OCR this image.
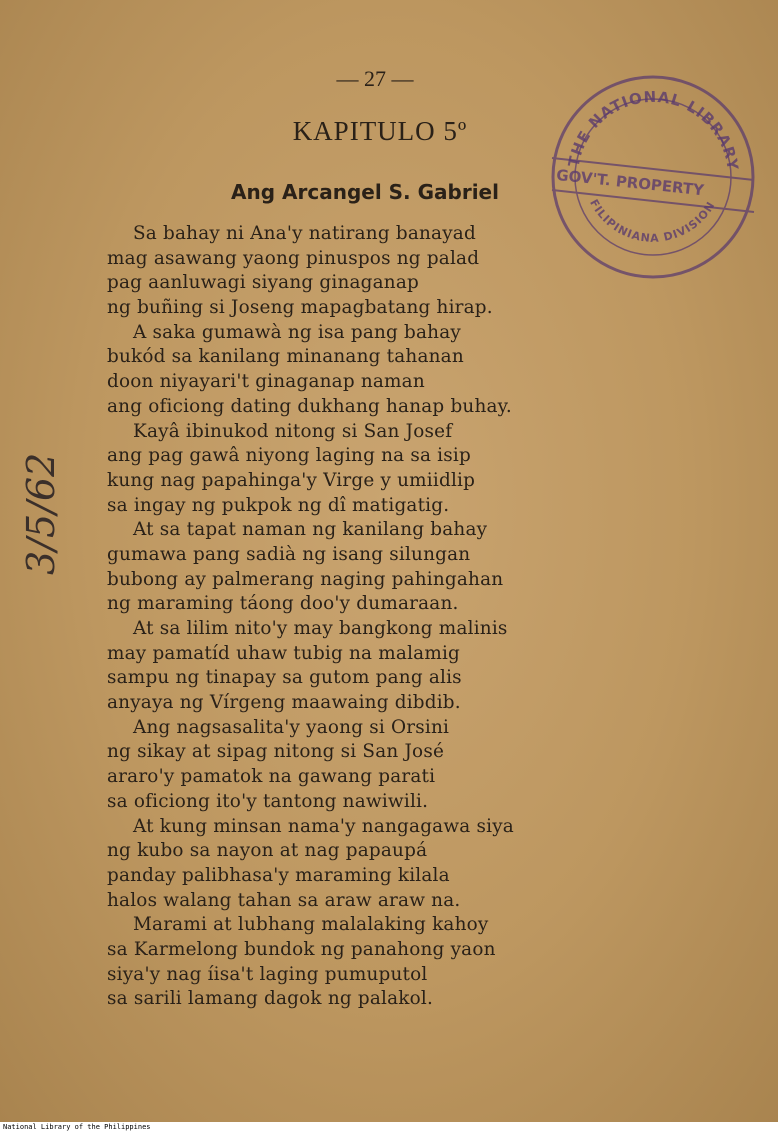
— 27 —
KAPITULO 5º
Ang Arcangel S. Gabriel
Sa bahay ni Ana'y natirang banayad
mag asawang yaong pinuspos ng palad
pag aanluwagi siyang ginaganap
ng buñing si Joseng mapagbatang hirap.
A saka gumawà ng isa pang bahay
bukód sa kanilang minanang tahanan
doon niyayari't ginaganap naman
ang oficiong dating dukhang hanap buhay.
Kayâ ibinukod nitong si San Josef
ang pag gawâ niyong laging na sa isip
kung nag papahinga'y Virge y umiidlip
sa ingay ng pukpok ng dî matigatig.
At sa tapat naman ng kanilang bahay
gumawa pang sadià ng isang silungan
bubong ay palmerang naging pahingahan
ng maraming táong doo'y dumaraan.
At sa lilim nito'y may bangkong malinis
may pamatíd uhaw tubig na malamig
sampu ng tinapay sa gutom pang alis
anyaya ng Vírgeng maawaing dibdib.
Ang nagsasalita'y yaong si Orsini
ng sikay at sipag nitong si San José
araro'y pamatok na gawang parati
sa oficiong ito'y tantong nawiwili.
At kung minsan nama'y nangagawa siya
ng kubo sa nayon at nag papaupá
panday palibhasa'y maraming kilala
halos walang tahan sa araw araw na.
Marami at lubhang malalaking kahoy
sa Karmelong bundok ng panahong yaon
siya'y nag íisa't laging pumuputol
sa sarili lamang dagok ng palakol.
THE NATIONAL LIBRARY
GOV'T. PROPERTY
FILIPINIANA DIVISION
3/5/62
National Library of the Philippines
